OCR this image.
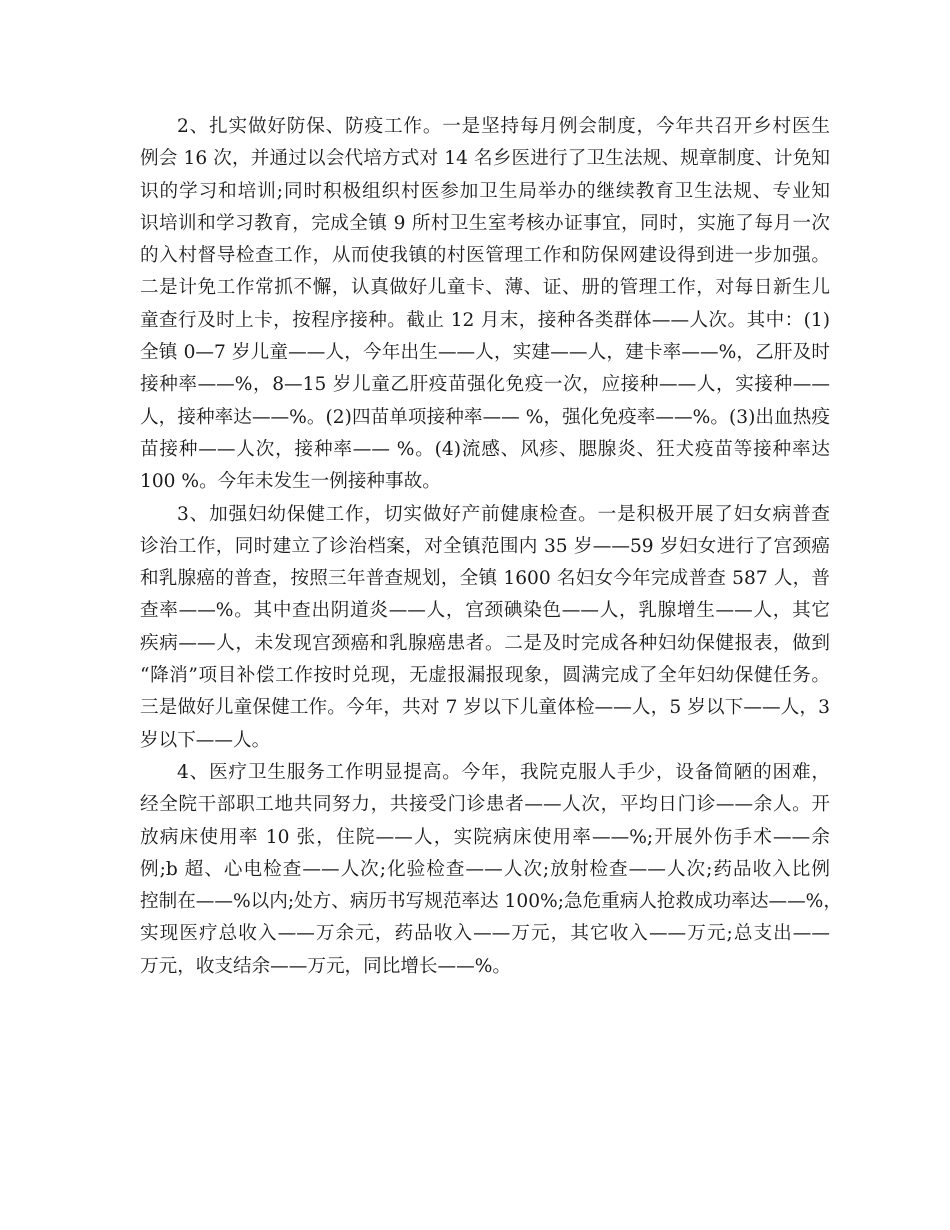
2、扎实做好防保、防疫工作。一是坚持每月例会制度，今年共召开乡村医生
例会 16 次，并通过以会代培方式对 14 名乡医进行了卫生法规、规章制度、计免知
识的学习和培训;同时积极组织村医参加卫生局举办的继续教育卫生法规、专业知
识培训和学习教育，完成全镇 9 所村卫生室考核办证事宜，同时，实施了每月一次
的入村督导检查工作，从而使我镇的村医管理工作和防保网建设得到进一步加强。
二是计免工作常抓不懈，认真做好儿童卡、薄、证、册的管理工作，对每日新生儿
童查行及时上卡，按程序接种。截止 12 月末，接种各类群体——人次。其中：(1)
全镇 0—7 岁儿童——人，今年出生——人，实建——人，建卡率——%，乙肝及时
接种率——%，8—15 岁儿童乙肝疫苗强化免疫一次，应接种——人，实接种——
人，接种率达——%。(2)四苗单项接种率—— %，强化免疫率——%。(3)出血热疫
苗接种——人次，接种率—— %。(4)流感、风疹、腮腺炎、狂犬疫苗等接种率达
100 %。今年未发生一例接种事故。
3、加强妇幼保健工作，切实做好产前健康检查。一是积极开展了妇女病普查
诊治工作，同时建立了诊治档案，对全镇范围内 35 岁——59 岁妇女进行了宫颈癌
和乳腺癌的普查，按照三年普查规划，全镇 1600 名妇女今年完成普查 587 人，普
查率——%。其中查出阴道炎——人，宫颈碘染色——人，乳腺增生——人，其它
疾病——人，未发现宫颈癌和乳腺癌患者。二是及时完成各种妇幼保健报表，做到
“降消”项目补偿工作按时兑现，无虚报漏报现象，圆满完成了全年妇幼保健任务。
三是做好儿童保健工作。今年，共对 7 岁以下儿童体检——人，5 岁以下——人，3
岁以下——人。
4、医疗卫生服务工作明显提高。今年，我院克服人手少，设备简陋的困难，
经全院干部职工地共同努力，共接受门诊患者——人次，平均日门诊——余人。开
放病床使用率 10 张，住院——人，实院病床使用率——%;开展外伤手术——余
例;b 超、心电检查——人次;化验检查——人次;放射检查——人次;药品收入比例
控制在——%以内;处方、病历书写规范率达 100%;急危重病人抢救成功率达——%，
实现医疗总收入——万余元，药品收入——万元，其它收入——万元;总支出——
万元，收支结余——万元，同比增长——%。
